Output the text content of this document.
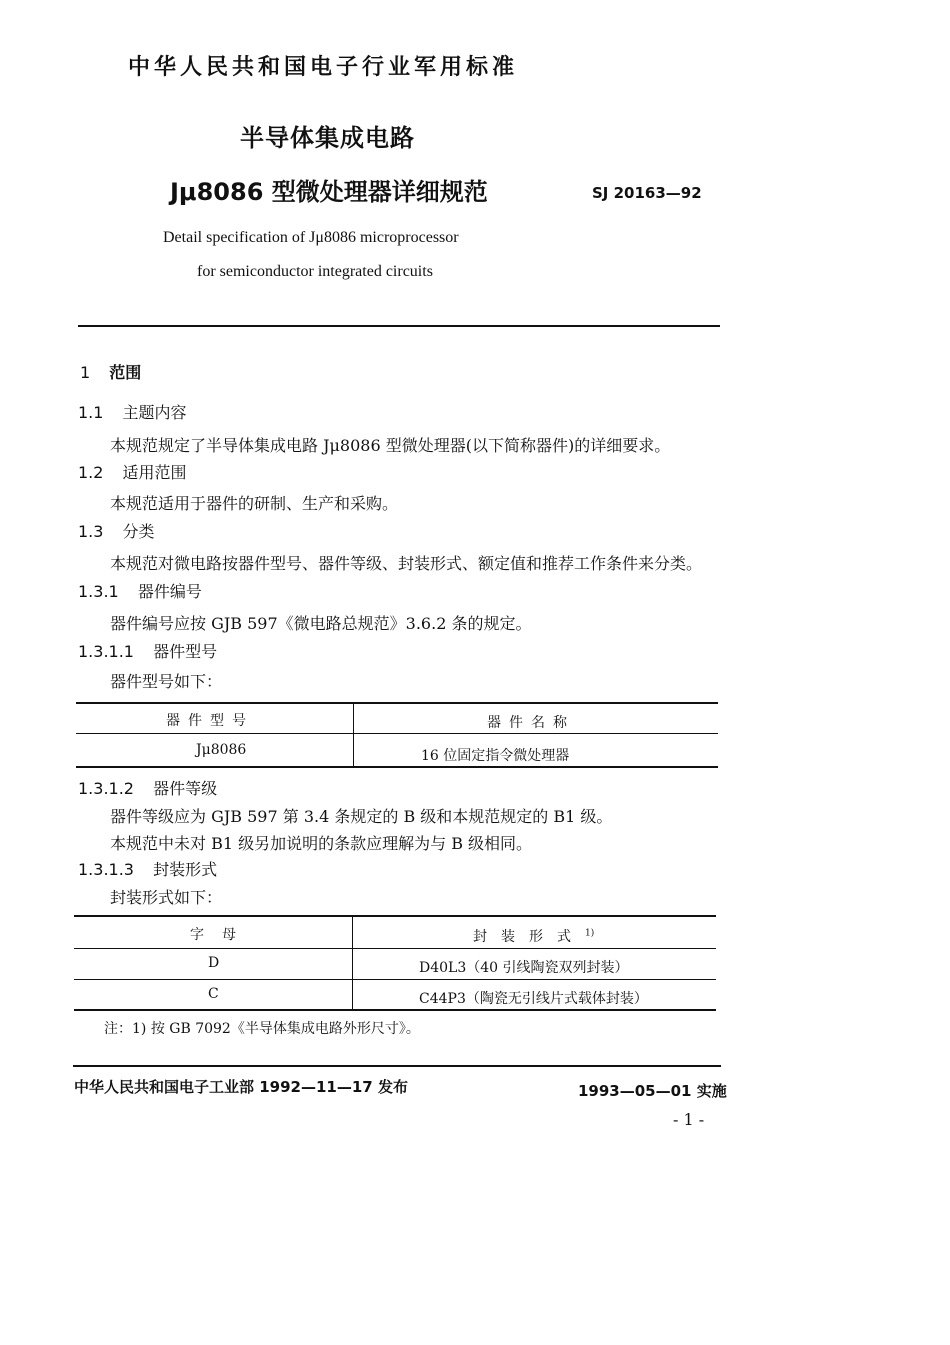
中华人民共和国电子行业军用标准
半导体集成电路
Jμ8086 型微处理器详细规范	SJ 20163—92
Detail specification of Jμ8086 microprocessor
for semiconductor integrated circuits
1 范围
1.1 主题内容
本规范规定了半导体集成电路 Jμ8086 型微处理器(以下简称器件)的详细要求。
1.2 适用范围
本规范适用于器件的研制、生产和采购。
1.3 分类
本规范对微电路按器件型号、器件等级、封装形式、额定值和推荐工作条件来分类。
1.3.1 器件编号
器件编号应按 GJB 597《微电路总规范》3.6.2 条的规定。
1.3.1.1 器件型号
器件型号如下：
器件型号	器件名称
Jμ8086	16 位固定指令微处理器
1.3.1.2 器件等级
器件等级应为 GJB 597 第 3.4 条规定的 B 级和本规范规定的 B1 级。
本规范中未对 B1 级另加说明的条款应理解为与 B 级相同。
1.3.1.3 封装形式
封装形式如下：
字母	封装形式$^{1)}$
D	D40L3（40 引线陶瓷双列封装）
C	C44P3（陶瓷无引线片式载体封装）
注：1) 按 GB 7092《半导体集成电路外形尺寸》。
中华人民共和国电子工业部 1992—11—17 发布	1993—05—01 实施
- 1 -
